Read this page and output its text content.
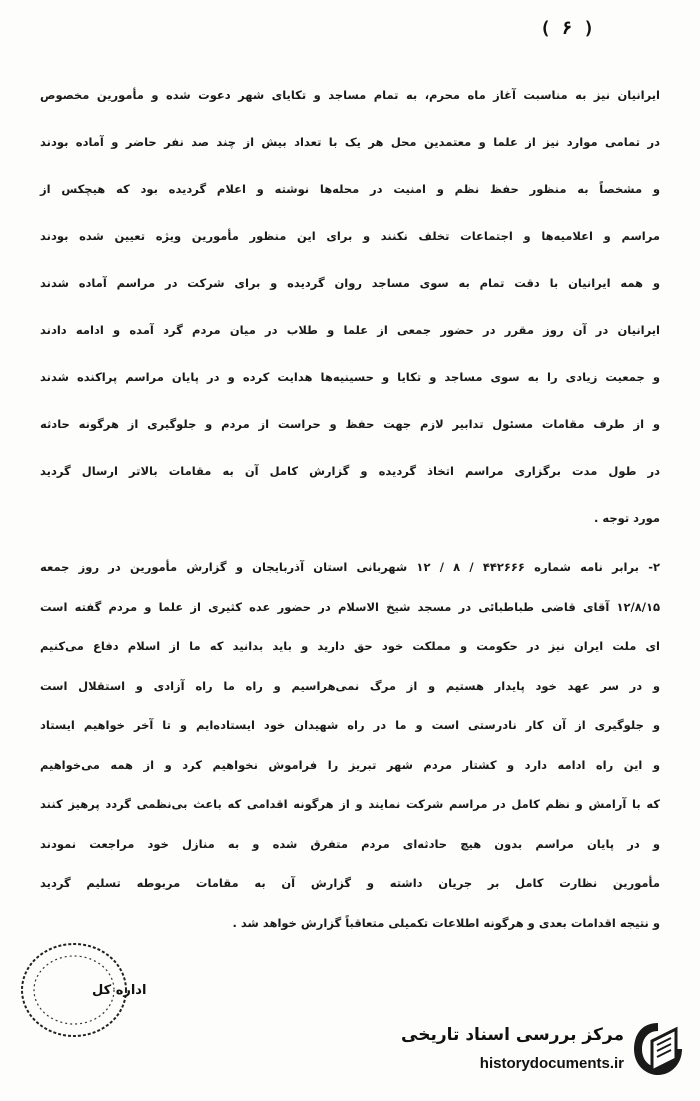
( ۶ )
ایرانیان نیز به مناسبت آغاز ماه محرم، به تمام مساجد و تکایای شهر دعوت شده و مأمورین مخصوص
در تمامی موارد نیز از علما و معتمدین محل هر یک با تعداد بیش از چند صد نفر حاضر و آماده بودند
و مشخصاً به منظور حفظ نظم و امنیت در محله‌ها نوشته و اعلام گردیده بود که هیچکس از
مراسم و اعلامیه‌ها و اجتماعات تخلف نکنند و برای این منظور مأمورین ویژه تعیین شده بودند
و همه ایرانیان با دقت تمام به سوی مساجد روان گردیده و برای شرکت در مراسم آماده شدند
ایرانیان در آن روز مقرر در حضور جمعی از علما و طلاب در میان مردم گرد آمده و ادامه دادند
و جمعیت زیادی را به سوی مساجد و تکایا و حسینیه‌ها هدایت کرده و در پایان مراسم پراکنده شدند
و از طرف مقامات مسئول تدابیر لازم جهت حفظ و حراست از مردم و جلوگیری از هرگونه حادثه
در طول مدت برگزاری مراسم اتخاذ گردیده و گزارش کامل آن به مقامات بالاتر ارسال گردید
مورد توجه .
۲- برابر نامه شماره ۴۴۲۶۶۶ / ۸ / ۱۲ شهربانی استان آذربایجان و گزارش مأمورین در روز جمعه
۱۲/۸/۱۵ آقای قاضی طباطبائی در مسجد شیخ الاسلام در حضور عده کثیری از علما و مردم گفته است
ای ملت ایران نیز در حکومت و مملکت خود حق دارید و باید بدانید که ما از اسلام دفاع می‌کنیم
و در سر عهد خود پایدار هستیم و از مرگ نمی‌هراسیم و راه ما راه آزادی و استقلال است
و جلوگیری از آن کار نادرستی است و ما در راه شهیدان خود ایستاده‌ایم و تا آخر خواهیم ایستاد
و این راه ادامه دارد و کشتار مردم شهر تبریز را فراموش نخواهیم کرد و از همه می‌خواهیم
که با آرامش و نظم کامل در مراسم شرکت نمایند و از هرگونه اقدامی که باعث بی‌نظمی گردد پرهیز کنند
و در پایان مراسم بدون هیچ حادثه‌ای مردم متفرق شده و به منازل خود مراجعت نمودند
مأمورین نظارت کامل بر جریان داشته و گزارش آن به مقامات مربوطه تسلیم گردید
و نتیجه اقدامات بعدی و هرگونه اطلاعات تکمیلی متعاقباً گزارش خواهد شد .
اداره کل
مرکز بررسی اسناد تاریخی
historydocuments.ir
